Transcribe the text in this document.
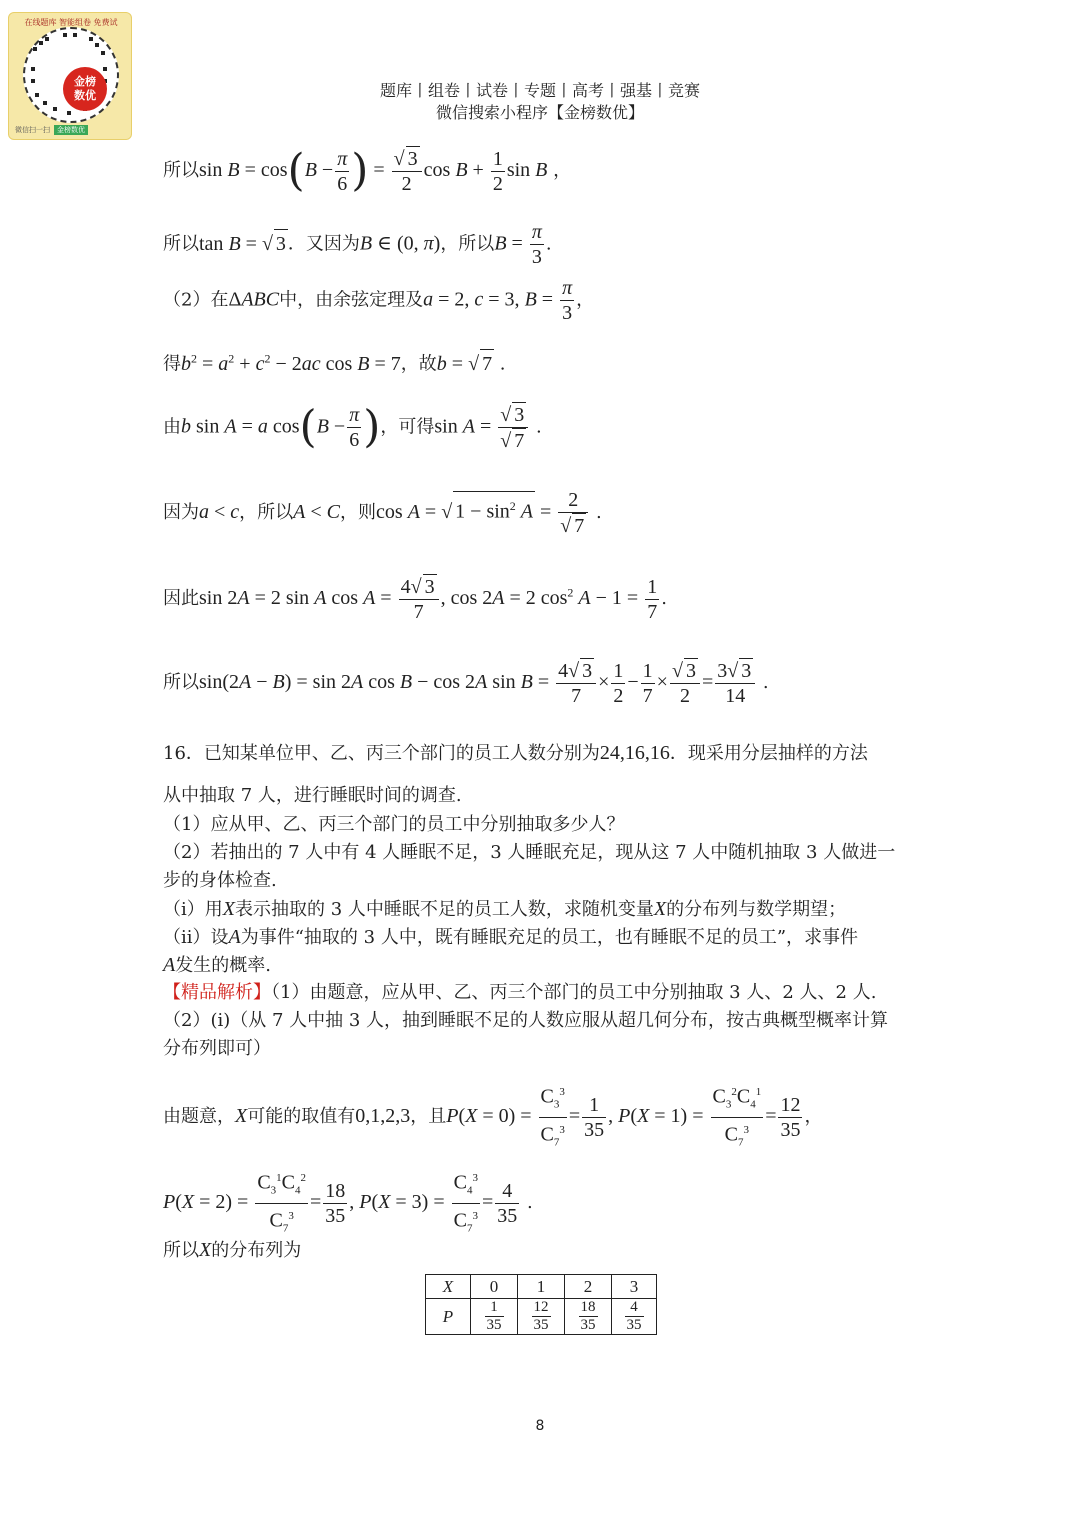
在线题库 智能组卷 免费试
金榜
数优
微信扫一扫 金榜数优
题库丨组卷丨试卷丨专题丨高考丨强基丨竞赛
微信搜索小程序【金榜数优】
所以$\sin B = \cos(B - \frac{\pi}{6}$ ) = $\frac{√ 3}{2}$ $\cos B + \frac{1}{2}$ sin B ，
所以tan B = √ 3 ．又因为B ∈ (0, π)，所以$B = \frac{\pi}{3}$ .
（2）在ΔABC中，由余弦定理及a = 2, c = 3, $B = \frac{\pi}{3}$ ，
得$b^2 = a^2 + c^2 - 2ac$ cos B = 7，故b = √ 7 .
由b sin A = a $\cos(B - \frac{\pi}{6}$ )，可得$\sin A = \frac{√ 3}{√ 7}$ .
因为a < c，所以A < C，则cos A = √ $1 - \sin^2 A = \frac{2}{√ 7}$ .
因此sin 2A = 2 sin A $\cos A = \frac{4√ 3}{7}$ , cos 2A = 2 $\cos^2 A - 1 = \frac{1}{7}$ .
所以sin(2A − B) = sin 2A cos B − cos 2A $\sin B = \frac{4√ 3}{7} \times \frac{1}{2} - \frac{1}{7} \times \frac{√ 3}{2} = \frac{3√ 3}{14}$ .
16．已知某单位甲、乙、丙三个部门的员工人数分别为24,16,16．现采用分层抽样的方法
从中抽取 7 人，进行睡眠时间的调查.
（1）应从甲、乙、丙三个部门的员工中分别抽取多少人？
（2）若抽出的 7 人中有 4 人睡眠不足，3 人睡眠充足，现从这 7 人中随机抽取 3 人做进一
步的身体检查.
（i）用X表示抽取的 3 人中睡眠不足的员工人数，求随机变量X的分布列与数学期望；
（ii）设A为事件“抽取的 3 人中，既有睡眠充足的员工，也有睡眠不足的员工”，求事件
A发生的概率.
【精品解析】（1）由题意，应从甲、乙、丙三个部门的员工中分别抽取 3 人、2 人、2 人.
（2）(i)（从 7 人中抽 3 人，抽到睡眠不足的人数应服从超几何分布，按古典概型概率计算
分布列即可）
由题意，X可能的取值有0,1,2,3，且$P(X = 0) = \frac{C_3^3}{C_7^3} = \frac{1}{35}$ , $P(X = 1) = \frac{C_3^2C_4^1}{C_7^3} = \frac{12}{35}$ ，
$P(X = 2) = \frac{C_3^1C_4^2}{C_7^3} = \frac{18}{35}$ , $P(X = 3) = \frac{C_4^3}{C_7^3} = \frac{4}{35}$ .
所以X的分布列为
X	0	1	2	3
P	$\frac{1}{35}$	$\frac{12}{35}$	$\frac{18}{35}$	$\frac{4}{35}$
8
